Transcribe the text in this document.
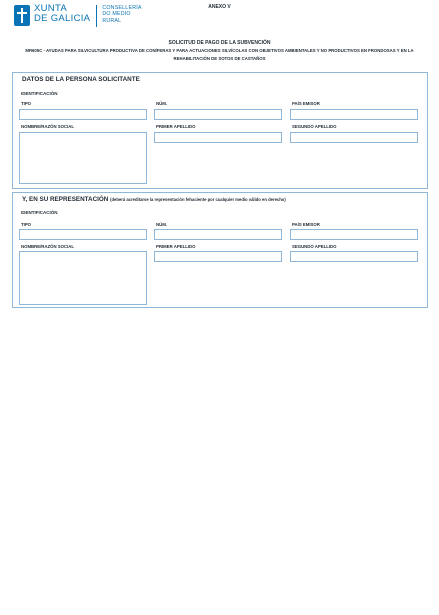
XUNTA
DE GALICIA
CONSELLERÍA
DO MEDIO
RURAL
ANEXO V
SOLICITUD DE PAGO DE LA SUBVENCIÓN
MR605C - AYUDAS PARA SILVICULTURA PRODUCTIVA DE CONÍFERAS Y PARA ACTUACIONES SILVÍCOLAS CON OBJETIVOS AMBIENTALES Y NO PRODUCTIVOS EN FRONDOSAS Y EN LA REHABILITACIÓN DE SOTOS DE CASTAÑOS
DATOS DE LA PERSONA SOLICITANTE
IDENTIFICACIÓN
TIPO	NÚM.	PAÍS EMISOR
NOMBRE/RAZÓN SOCIAL	PRIMER APELLIDO	SEGUNDO APELLIDO
Y, EN SU REPRESENTACIÓN (deberá acreditarse la representación fehaciente por cualquier medio válido en derecho)
IDENTIFICACIÓN
TIPO	NÚM.	PAÍS EMISOR
NOMBRE/RAZÓN SOCIAL	PRIMER APELLIDO	SEGUNDO APELLIDO
